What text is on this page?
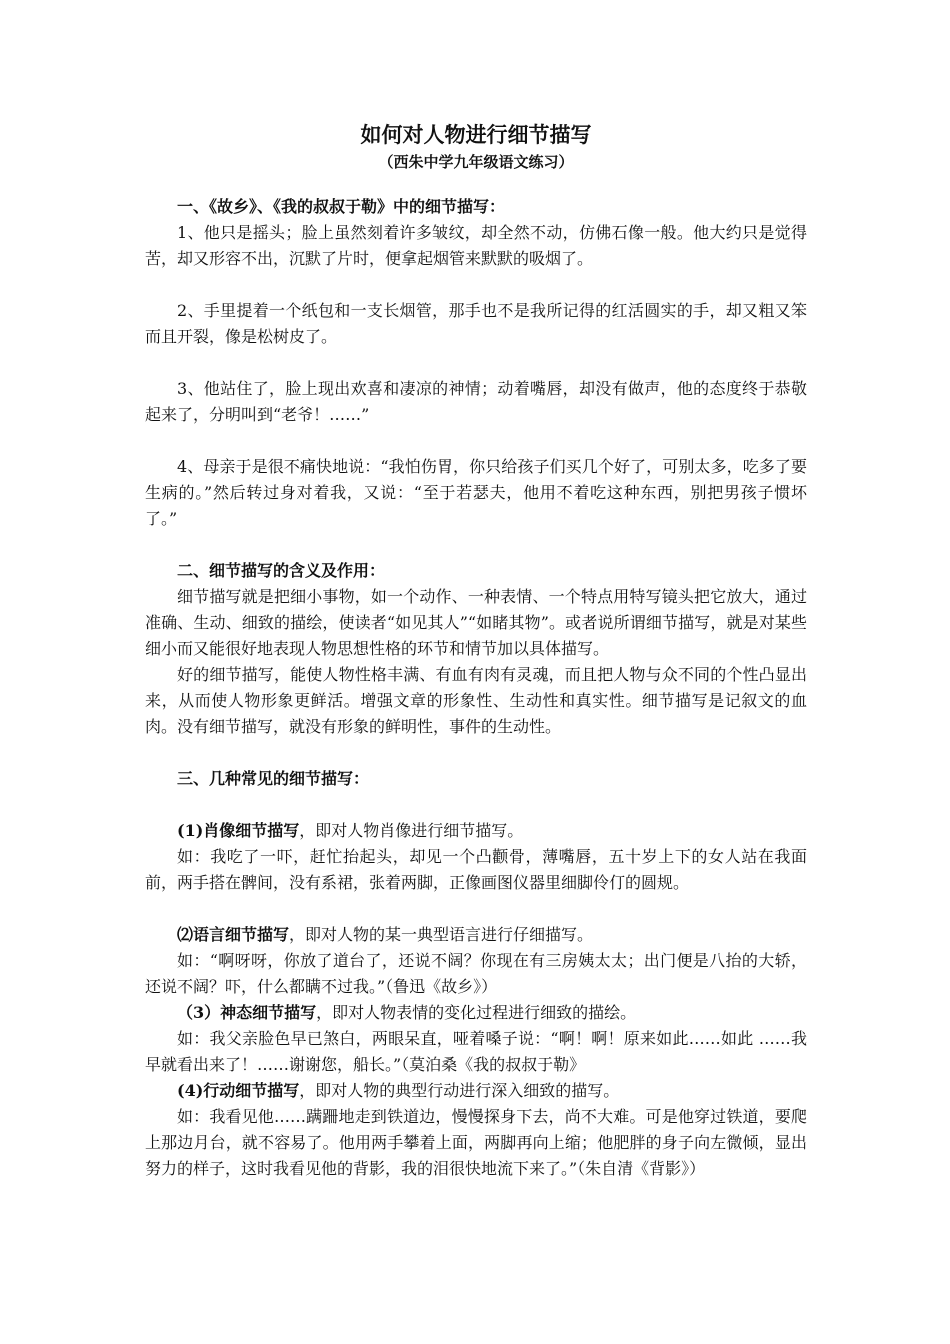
如何对人物进行细节描写

（西朱中学九年级语文练习）

一、《故乡》、《我的叔叔于勒》中的细节描写：

1、他只是摇头；脸上虽然刻着许多皱纹，却全然不动，仿佛石像一般。他大约只是觉得苦，却又形容不出，沉默了片时，便拿起烟管来默默的吸烟了。

2、手里提着一个纸包和一支长烟管，那手也不是我所记得的红活圆实的手，却又粗又笨而且开裂，像是松树皮了。

3、他站住了，脸上现出欢喜和凄凉的神情；动着嘴唇，却没有做声，他的态度终于恭敬起来了，分明叫到“老爷！……”

4、母亲于是很不痛快地说：“我怕伤胃，你只给孩子们买几个好了，可别太多，吃多了要生病的。”然后转过身对着我，又说：“至于若瑟夫，他用不着吃这种东西，别把男孩子惯坏了。”

二、细节描写的含义及作用：

细节描写就是把细小事物，如一个动作、一种表情、一个特点用特写镜头把它放大，通过准确、生动、细致的描绘，使读者“如见其人”“如睹其物”。或者说所谓细节描写，就是对某些细小而又能很好地表现人物思想性格的环节和情节加以具体描写。

好的细节描写，能使人物性格丰满、有血有肉有灵魂，而且把人物与众不同的个性凸显出来，从而使人物形象更鲜活。增强文章的形象性、生动性和真实性。细节描写是记叙文的血肉。没有细节描写，就没有形象的鲜明性，事件的生动性。

三、几种常见的细节描写：

(1)肖像细节描写，即对人物肖像进行细节描写。

如：我吃了一吓，赶忙抬起头，却见一个凸颧骨，薄嘴唇，五十岁上下的女人站在我面前，两手搭在髀间，没有系裙，张着两脚，正像画图仪器里细脚伶仃的圆规。

⑵语言细节描写，即对人物的某一典型语言进行仔细描写。

如：“啊呀呀，你放了道台了，还说不阔？你现在有三房姨太太；出门便是八抬的大轿，还说不阔？吓，什么都瞒不过我。”（鲁迅《故乡》）

（3）神态细节描写，即对人物表情的变化过程进行细致的描绘。

如：我父亲脸色早已煞白，两眼呆直，哑着嗓子说：“啊！啊！原来如此……如此 ……我早就看出来了！……谢谢您，船长。”（莫泊桑《我的叔叔于勒》

(4)行动细节描写，即对人物的典型行动进行深入细致的描写。

如：我看见他……蹒跚地走到铁道边，慢慢探身下去，尚不大难。可是他穿过铁道，要爬上那边月台，就不容易了。他用两手攀着上面，两脚再向上缩；他肥胖的身子向左微倾，显出努力的样子，这时我看见他的背影，我的泪很快地流下来了。”（朱自清《背影》）
